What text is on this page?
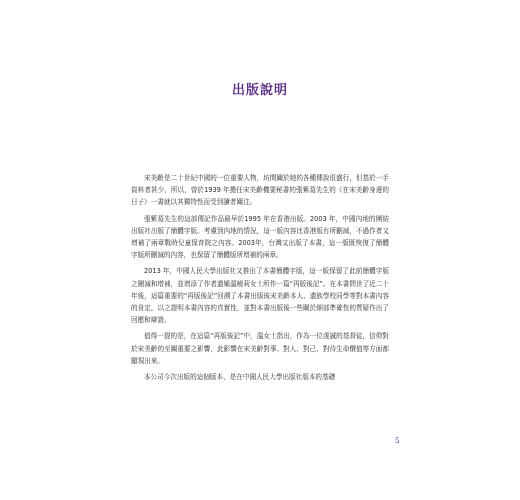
出版說明

宋美齡是二十世紀中國的一位重要人物，坊間關於她的各種傳說很盛行，但基於一手資料者甚少，所以，曾於1939 年擔任宋美齡機要秘書的張紫葛先生的《在宋美齡身邊的日子》一書就以其獨特性而受到讀者關注。

張紫葛先生的這部傳記作品最早於1995 年在香港出版。2003 年，中國內地的團結出版社出版了簡體字版。考慮到內地的情況，這一版內容比香港版有所刪減，不過作者又增補了兩章戰時兒童保育院之內容。2003年，台灣又出版了本書，這一版既恢復了簡體字版所刪減的內容，也保留了簡體版所增補的兩章。

2013 年，中國人民大學出版社又推出了本書簡體字版，這一版保留了此前簡體字版之刪減和增補，並增添了作者遺孀溫曉莉女士所作一篇“再版後記”。在本書問世了近二十年後，這篇重要的“再版後記”回溯了本書出版後宋美齡本人、遺族學校同學等對本書內容的肯定，以之證明本書內容的真實性，並對本書出版後一些關於細部準確性的質疑作出了回應和辯證。

值得一提的是，在這篇“再版後記”中，溫女士指出，作為一位虔誠的基督徒，信仰對於宋美齡的至關重要之影響，此影響在宋美齡對事、對人、對己、對待生命價值等方面都顯現出來。

本公司今次出版的這個版本，是在中國人民大學出版社版本的基礎

5
